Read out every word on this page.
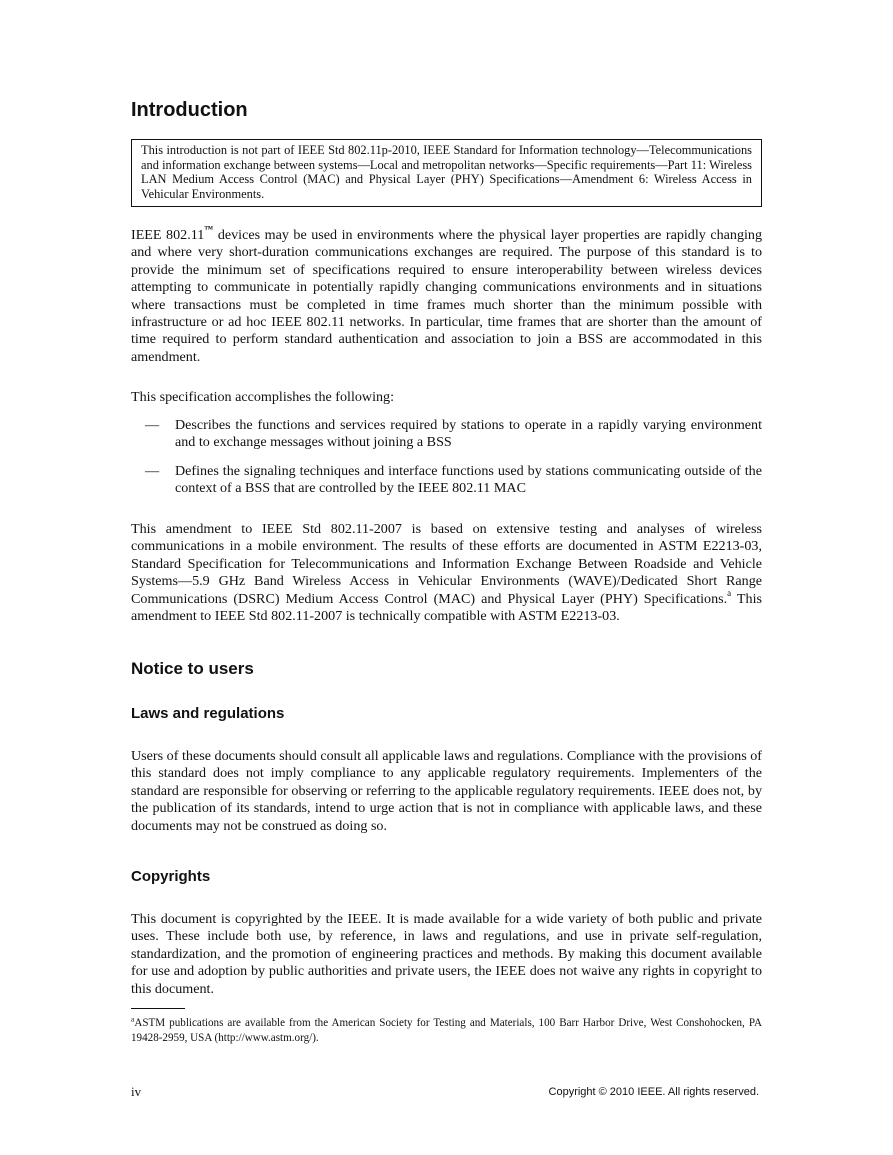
Introduction
This introduction is not part of IEEE Std 802.11p-2010, IEEE Standard for Information technology—Telecommunications and information exchange between systems—Local and metropolitan networks—Specific requirements—Part 11: Wireless LAN Medium Access Control (MAC) and Physical Layer (PHY) Specifications—Amendment 6: Wireless Access in Vehicular Environments.

IEEE 802.11™ devices may be used in environments where the physical layer properties are rapidly changing and where very short-duration communications exchanges are required. The purpose of this standard is to provide the minimum set of specifications required to ensure interoperability between wireless devices attempting to communicate in potentially rapidly changing communications environments and in situations where transactions must be completed in time frames much shorter than the minimum possible with infrastructure or ad hoc IEEE 802.11 networks. In particular, time frames that are shorter than the amount of time required to perform standard authentication and association to join a BSS are accommodated in this amendment.

This specification accomplishes the following:

— Describes the functions and services required by stations to operate in a rapidly varying environment and to exchange messages without joining a BSS
— Defines the signaling techniques and interface functions used by stations communicating outside of the context of a BSS that are controlled by the IEEE 802.11 MAC

This amendment to IEEE Std 802.11-2007 is based on extensive testing and analyses of wireless communications in a mobile environment. The results of these efforts are documented in ASTM E2213-03, Standard Specification for Telecommunications and Information Exchange Between Roadside and Vehicle Systems—5.9 GHz Band Wireless Access in Vehicular Environments (WAVE)/Dedicated Short Range Communications (DSRC) Medium Access Control (MAC) and Physical Layer (PHY) Specifications.$^a$ This amendment to IEEE Std 802.11-2007 is technically compatible with ASTM E2213-03.

Notice to users
Laws and regulations

Users of these documents should consult all applicable laws and regulations. Compliance with the provisions of this standard does not imply compliance to any applicable regulatory requirements. Implementers of the standard are responsible for observing or referring to the applicable regulatory requirements. IEEE does not, by the publication of its standards, intend to urge action that is not in compliance with applicable laws, and these documents may not be construed as doing so.

Copyrights

This document is copyrighted by the IEEE. It is made available for a wide variety of both public and private uses. These include both use, by reference, in laws and regulations, and use in private self-regulation, standardization, and the promotion of engineering practices and methods. By making this document available for use and adoption by public authorities and private users, the IEEE does not waive any rights in copyright to this document.

$^a$ASTM publications are available from the American Society for Testing and Materials, 100 Barr Harbor Drive, West Conshohocken, PA 19428-2959, USA (http://www.astm.org/).

iv	Copyright © 2010 IEEE. All rights reserved.
